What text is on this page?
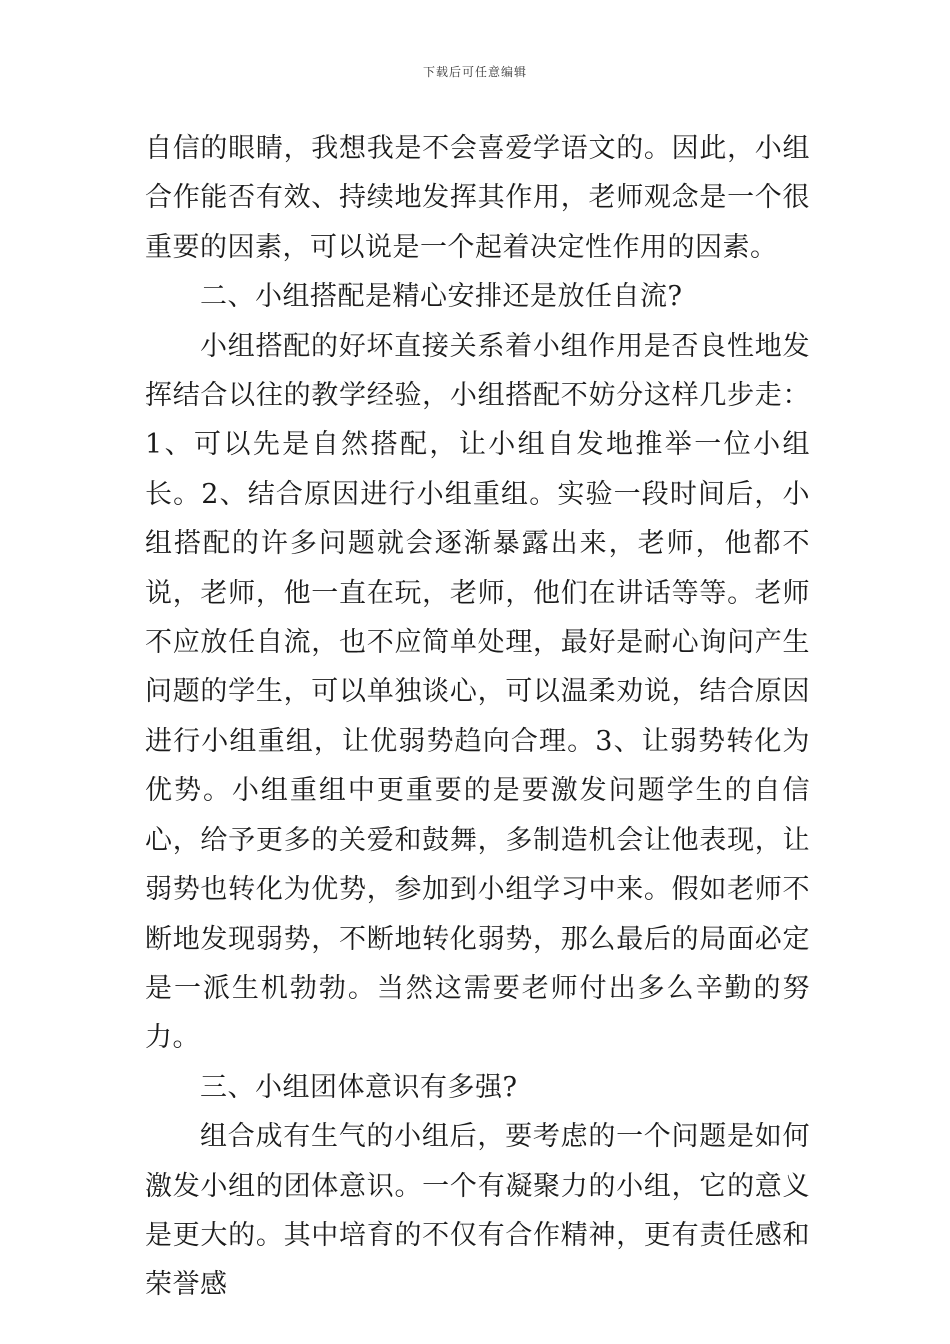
下载后可任意编辑

自信的眼睛，我想我是不会喜爱学语文的。因此，小组合作能否有效、持续地发挥其作用，老师观念是一个很重要的因素，可以说是一个起着决定性作用的因素。

二、小组搭配是精心安排还是放任自流?

小组搭配的好坏直接关系着小组作用是否良性地发挥结合以往的教学经验，小组搭配不妨分这样几步走：1、可以先是自然搭配，让小组自发地推举一位小组长。2、结合原因进行小组重组。实验一段时间后，小组搭配的许多问题就会逐渐暴露出来，老师，他都不说，老师，他一直在玩，老师，他们在讲话等等。老师不应放任自流，也不应简单处理，最好是耐心询问产生问题的学生，可以单独谈心，可以温柔劝说，结合原因进行小组重组，让优弱势趋向合理。3、让弱势转化为优势。小组重组中更重要的是要激发问题学生的自信心，给予更多的关爱和鼓舞，多制造机会让他表现，让弱势也转化为优势，参加到小组学习中来。假如老师不断地发现弱势，不断地转化弱势，那么最后的局面必定是一派生机勃勃。当然这需要老师付出多么辛勤的努力。

三、小组团体意识有多强?

组合成有生气的小组后，要考虑的一个问题是如何激发小组的团体意识。一个有凝聚力的小组，它的意义是更大的。其中培育的不仅有合作精神，更有责任感和荣誉感
